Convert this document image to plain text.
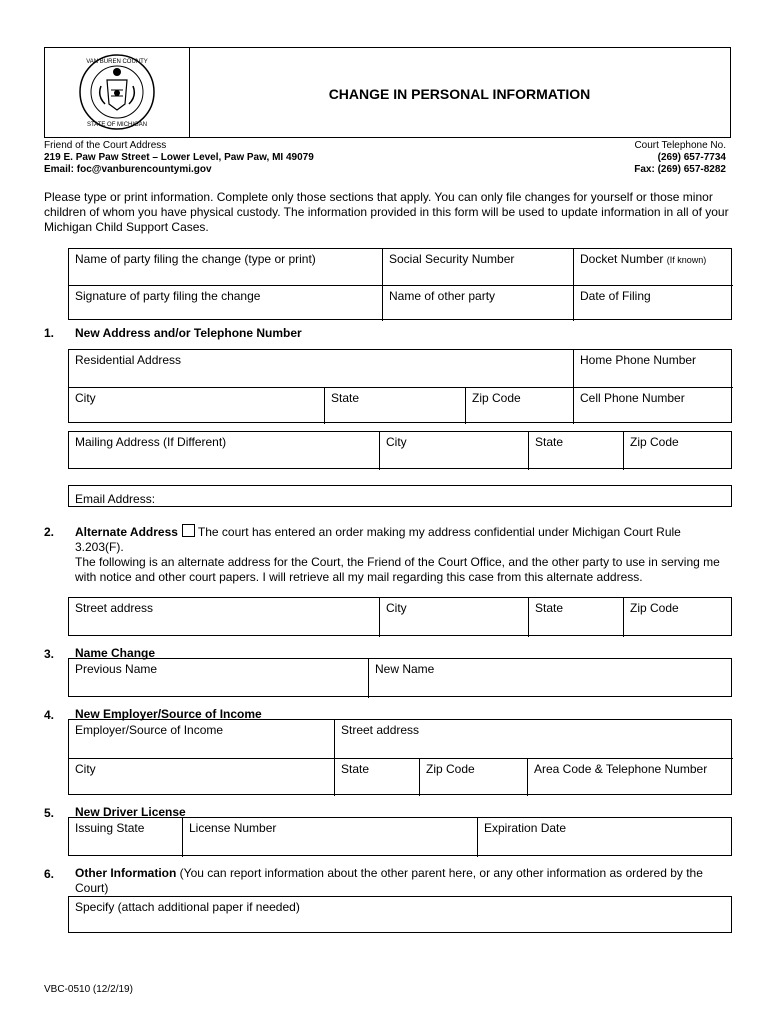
VAN BUREN COUNTY
STATE OF MICHIGAN
CHANGE IN PERSONAL INFORMATION
Friend of the Court Address
219 E. Paw Paw Street – Lower Level, Paw Paw, MI 49079
Email: foc@vanburencountymi.gov
Court Telephone No.
(269) 657-7734
Fax: (269) 657-8282
Please type or print information. Complete only those sections that apply. You can only file changes for yourself or those minor children of whom you have physical custody. The information provided in this form will be used to update information in all of your Michigan Child Support Cases.
Name of party filing the change (type or print)	Social Security Number	Docket Number (If known)
Signature of party filing the change	Name of other party	Date of Filing
1. New Address and/or Telephone Number
Residential Address	Home Phone Number
City	State	Zip Code	Cell Phone Number
Mailing Address (If Different)	City	State	Zip Code
Email Address:
2. Alternate Address The court has entered an order making my address confidential under Michigan Court Rule
3.203(F).
The following is an alternate address for the Court, the Friend of the Court Office, and the other party to use in serving me with notice and other court papers. I will retrieve all my mail regarding this case from this alternate address.
Street address	City	State	Zip Code
3. Name Change
Previous Name	New Name
4. New Employer/Source of Income
Employer/Source of Income	Street address
City	State	Zip Code	Area Code & Telephone Number
5. New Driver License
Issuing State	License Number	Expiration Date
6. Other Information (You can report information about the other parent here, or any other information as ordered by the Court)
Specify (attach additional paper if needed)
VBC-0510 (12/2/19)
